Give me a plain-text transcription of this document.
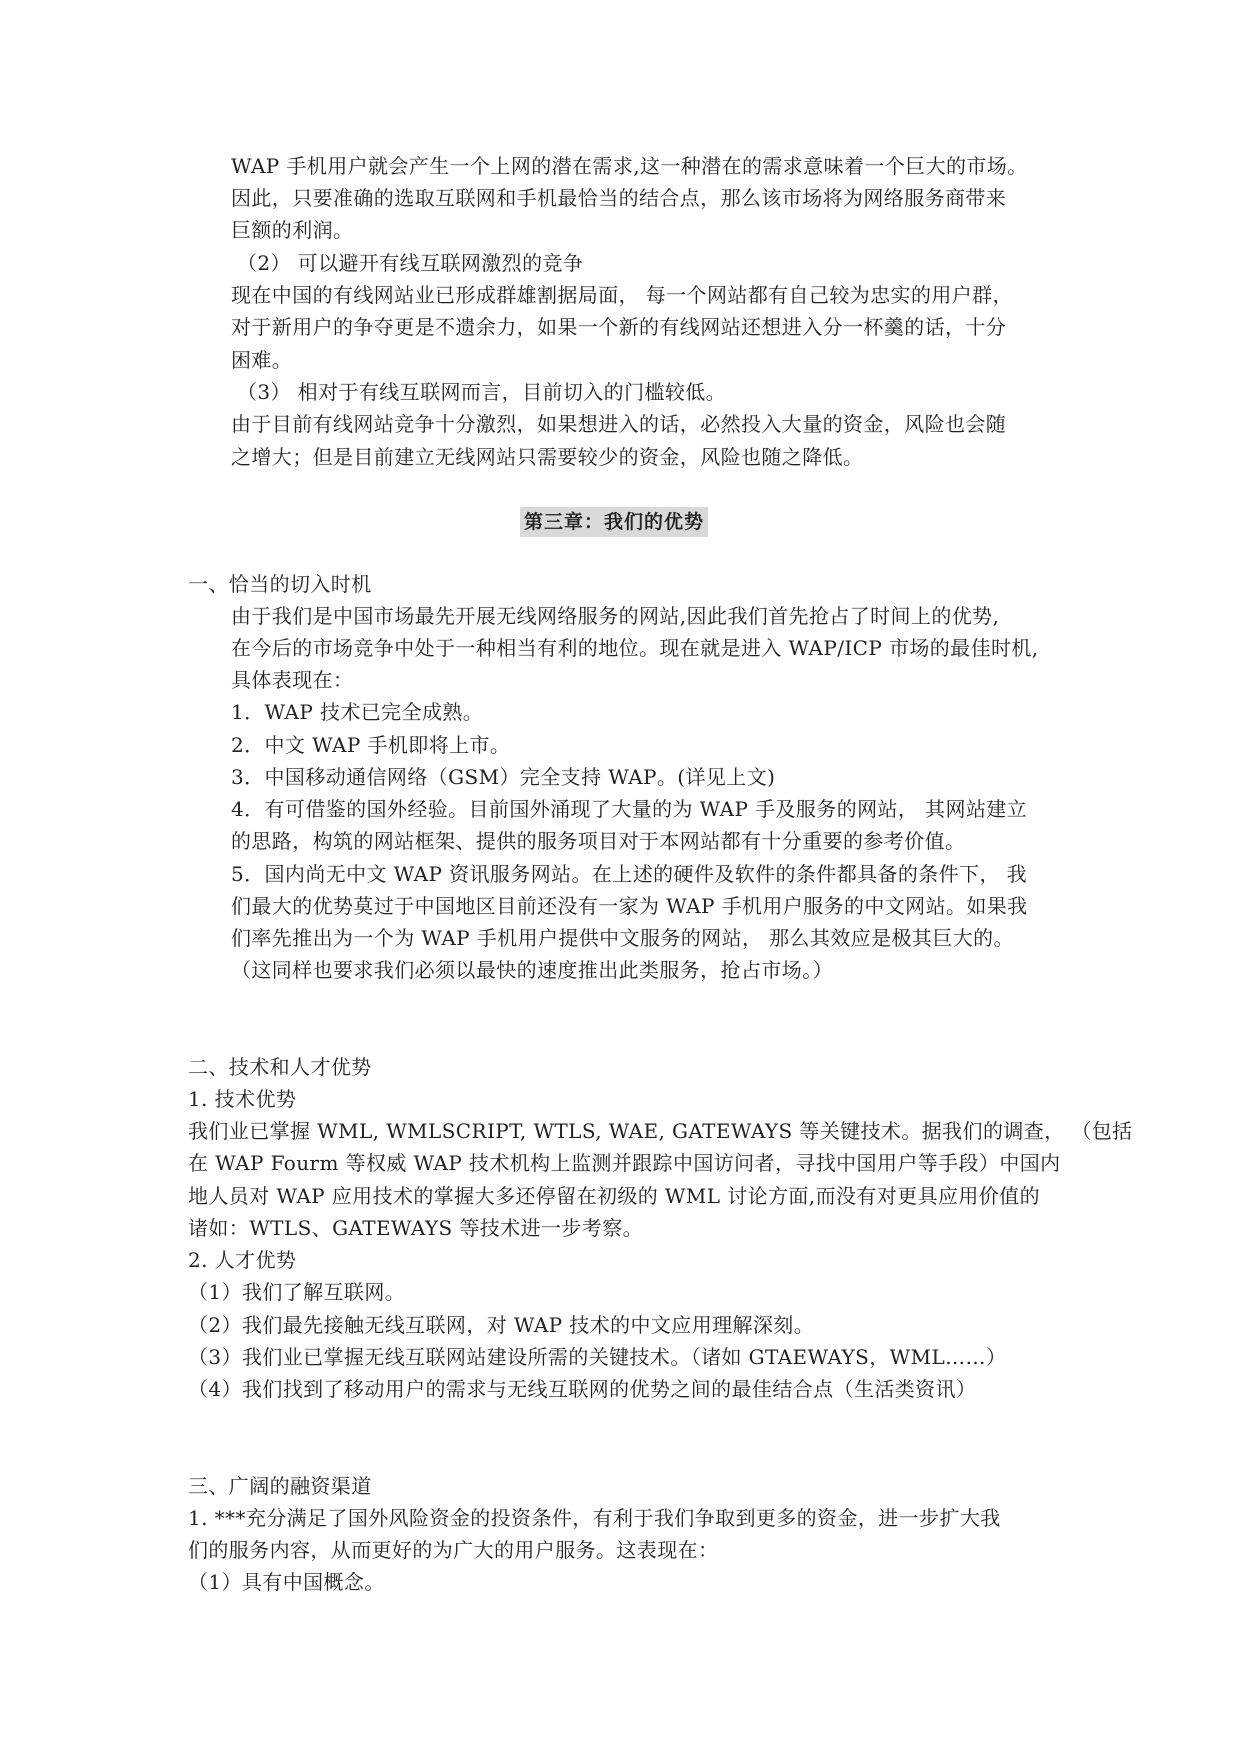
WAP 手机用户就会产生一个上网的潜在需求,这一种潜在的需求意味着一个巨大的市场。
因此，只要准确的选取互联网和手机最恰当的结合点，那么该市场将为网络服务商带来
巨额的利润。
（2） 可以避开有线互联网激烈的竞争
现在中国的有线网站业已形成群雄割据局面， 每一个网站都有自己较为忠实的用户群，
对于新用户的争夺更是不遗余力，如果一个新的有线网站还想进入分一杯羹的话，十分
困难。
（3） 相对于有线互联网而言，目前切入的门槛较低。
由于目前有线网站竞争十分激烈，如果想进入的话，必然投入大量的资金，风险也会随
之增大；但是目前建立无线网站只需要较少的资金，风险也随之降低。
第三章：我们的优势
一、恰当的切入时机
由于我们是中国市场最先开展无线网络服务的网站,因此我们首先抢占了时间上的优势,
在今后的市场竞争中处于一种相当有利的地位。现在就是进入 WAP/ICP 市场的最佳时机,
具体表现在：
1．WAP 技术已完全成熟。
2．中文 WAP 手机即将上市。
3．中国移动通信网络（GSM）完全支持 WAP。(详见上文)
4．有可借鉴的国外经验。目前国外涌现了大量的为 WAP 手及服务的网站， 其网站建立
的思路，构筑的网站框架、提供的服务项目对于本网站都有十分重要的参考价值。
5．国内尚无中文 WAP 资讯服务网站。在上述的硬件及软件的条件都具备的条件下， 我
们最大的优势莫过于中国地区目前还没有一家为 WAP 手机用户服务的中文网站。如果我
们率先推出为一个为 WAP 手机用户提供中文服务的网站， 那么其效应是极其巨大的。
（这同样也要求我们必须以最快的速度推出此类服务，抢占市场。）
二、技术和人才优势
1. 技术优势
我们业已掌握 WML, WMLSCRIPT, WTLS, WAE, GATEWAYS 等关键技术。据我们的调查， （包括
在 WAP Fourm 等权威 WAP 技术机构上监测并跟踪中国访问者，寻找中国用户等手段）中国内
地人员对 WAP 应用技术的掌握大多还停留在初级的 WML 讨论方面,而没有对更具应用价值的
诸如：WTLS、GATEWAYS 等技术进一步考察。
2. 人才优势
（1）我们了解互联网。
（2）我们最先接触无线互联网，对 WAP 技术的中文应用理解深刻。
（3）我们业已掌握无线互联网站建设所需的关键技术。（诸如 GTAEWAYS，WML……）
（4）我们找到了移动用户的需求与无线互联网的优势之间的最佳结合点（生活类资讯）
三、广阔的融资渠道
1. ***充分满足了国外风险资金的投资条件，有利于我们争取到更多的资金，进一步扩大我
们的服务内容，从而更好的为广大的用户服务。这表现在：
（1）具有中国概念。
